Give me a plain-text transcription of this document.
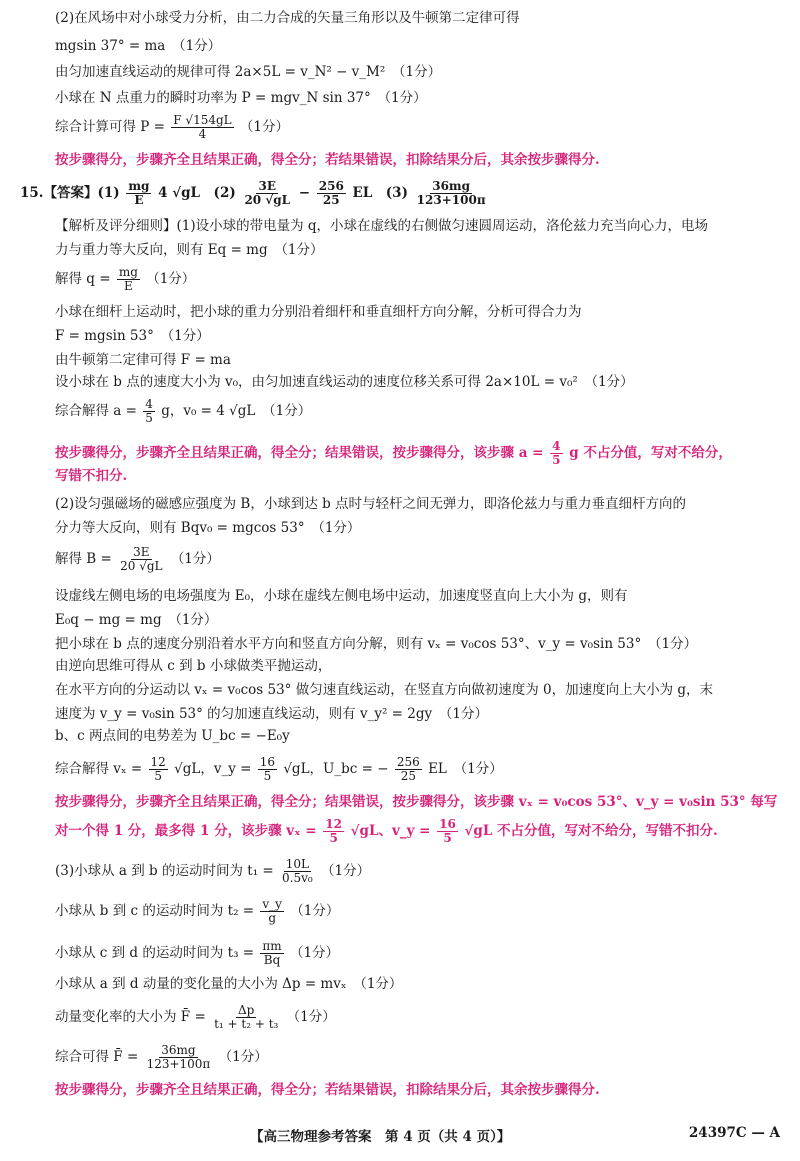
(2)在风场中对小球受力分析，由二力合成的矢量三角形以及牛顿第二定律可得
mgsin 37° = ma　（1分）
由匀加速直线运动的规律可得 2a×5L = v_N² − v_M²　（1分）
小球在 N 点重力的瞬时功率为 P = mgv_N sin 37°　（1分）
综合计算可得 $P = \frac{F √154gL}{4} (1$分）
按步骤得分，步骤齐全且结果正确，得全分；若结果错误，扣除结果分后，其余按步骤得分.
15.【答案】$(1) \frac{mg}{E} 4$ √gL　$(2) \frac{3E}{20 √gL} - \frac{256}{25}$ EL　$(3) \frac{36mg}{123+100\pi}$
【解析及评分细则】(1)设小球的带电量为 q，小球在虚线的右侧做匀速圆周运动，洛伦兹力充当向心力，电场
力与重力等大反向，则有 Eq = mg　（1分）
解得 $q = \frac{mg}{E} (1$分）
小球在细杆上运动时，把小球的重力分别沿着细杆和垂直细杆方向分解，分析可得合力为
F = mgsin 53°　（1分）
由牛顿第二定律可得 F = ma
设小球在 b 点的速度大小为 v₀，由匀加速直线运动的速度位移关系可得 2a×10L = v₀²　（1分）
综合解得 $a = \frac{4}{5}$ g，v₀ = 4 √gL　（1分）
按步骤得分，步骤齐全且结果正确，得全分；结果错误，按步骤得分，该步骤 $a = \frac{4}{5}$ g 不占分值，写对不给分，
写错不扣分.
(2)设匀强磁场的磁感应强度为 B，小球到达 b 点时与轻杆之间无弹力，即洛伦兹力与重力垂直细杆方向的
分力等大反向，则有 Bqv₀ = mgcos 53°　（1分）
解得 $B = \frac{3E}{20 √gL} (1$分）
设虚线左侧电场的电场强度为 E₀，小球在虚线左侧电场中运动，加速度竖直向上大小为 g，则有
E₀q − mg = mg　（1分）
把小球在 b 点的速度分别沿着水平方向和竖直方向分解，则有 vₓ = v₀cos 53°、v_y = v₀sin 53°　（1分）
由逆向思维可得从 c 到 b 小球做类平抛运动，
在水平方向的分运动以 vₓ = v₀cos 53° 做匀速直线运动，在竖直方向做初速度为 0，加速度向上大小为 g，末
速度为 v_y = v₀sin 53° 的匀加速直线运动，则有 v_y² = 2gy　（1分）
b、c 两点间的电势差为 U_bc = −E₀y
综合解得 $v_x = \frac{12}{5} √gL$，v_y = $\frac{16}{5} √gL$，U_bc = − $\frac{256}{25}$ EL　（1分）
按步骤得分，步骤齐全且结果正确，得全分；结果错误，按步骤得分，该步骤 vₓ = v₀cos 53°、v_y = v₀sin 53° 每写
对一个得 1 分，最多得 1 分，该步骤 $v_x = \frac{12}{5} √gL$、v_y = $\frac{16}{5} √gL$ 不占分值，写对不给分，写错不扣分.
(3)小球从 a 到 b 的运动时间为 $t_1 = \frac{10L}{\text{0.5v₀}} (1$分）
小球从 b 到 c 的运动时间为 $t_2 = \frac{v\_y}{g} (1$分）
小球从 c 到 d 的运动时间为 $t_3 = \frac{\pi m}{Bq} (1$分）
小球从 a 到 d 动量的变化量的大小为 Δp = mvₓ　（1分）
动量变化率的大小为 F̄ = $\frac{\Delta p}{\text{t₁ + t₂ + t₃}} (1$分）
综合可得 F̄ = $\frac{36mg}{123+100\pi} (1$分）
按步骤得分，步骤齐全且结果正确，得全分；若结果错误，扣除结果分后，其余按步骤得分.
【高三物理参考答案　第 4 页（共 4 页）】	24397C — A
